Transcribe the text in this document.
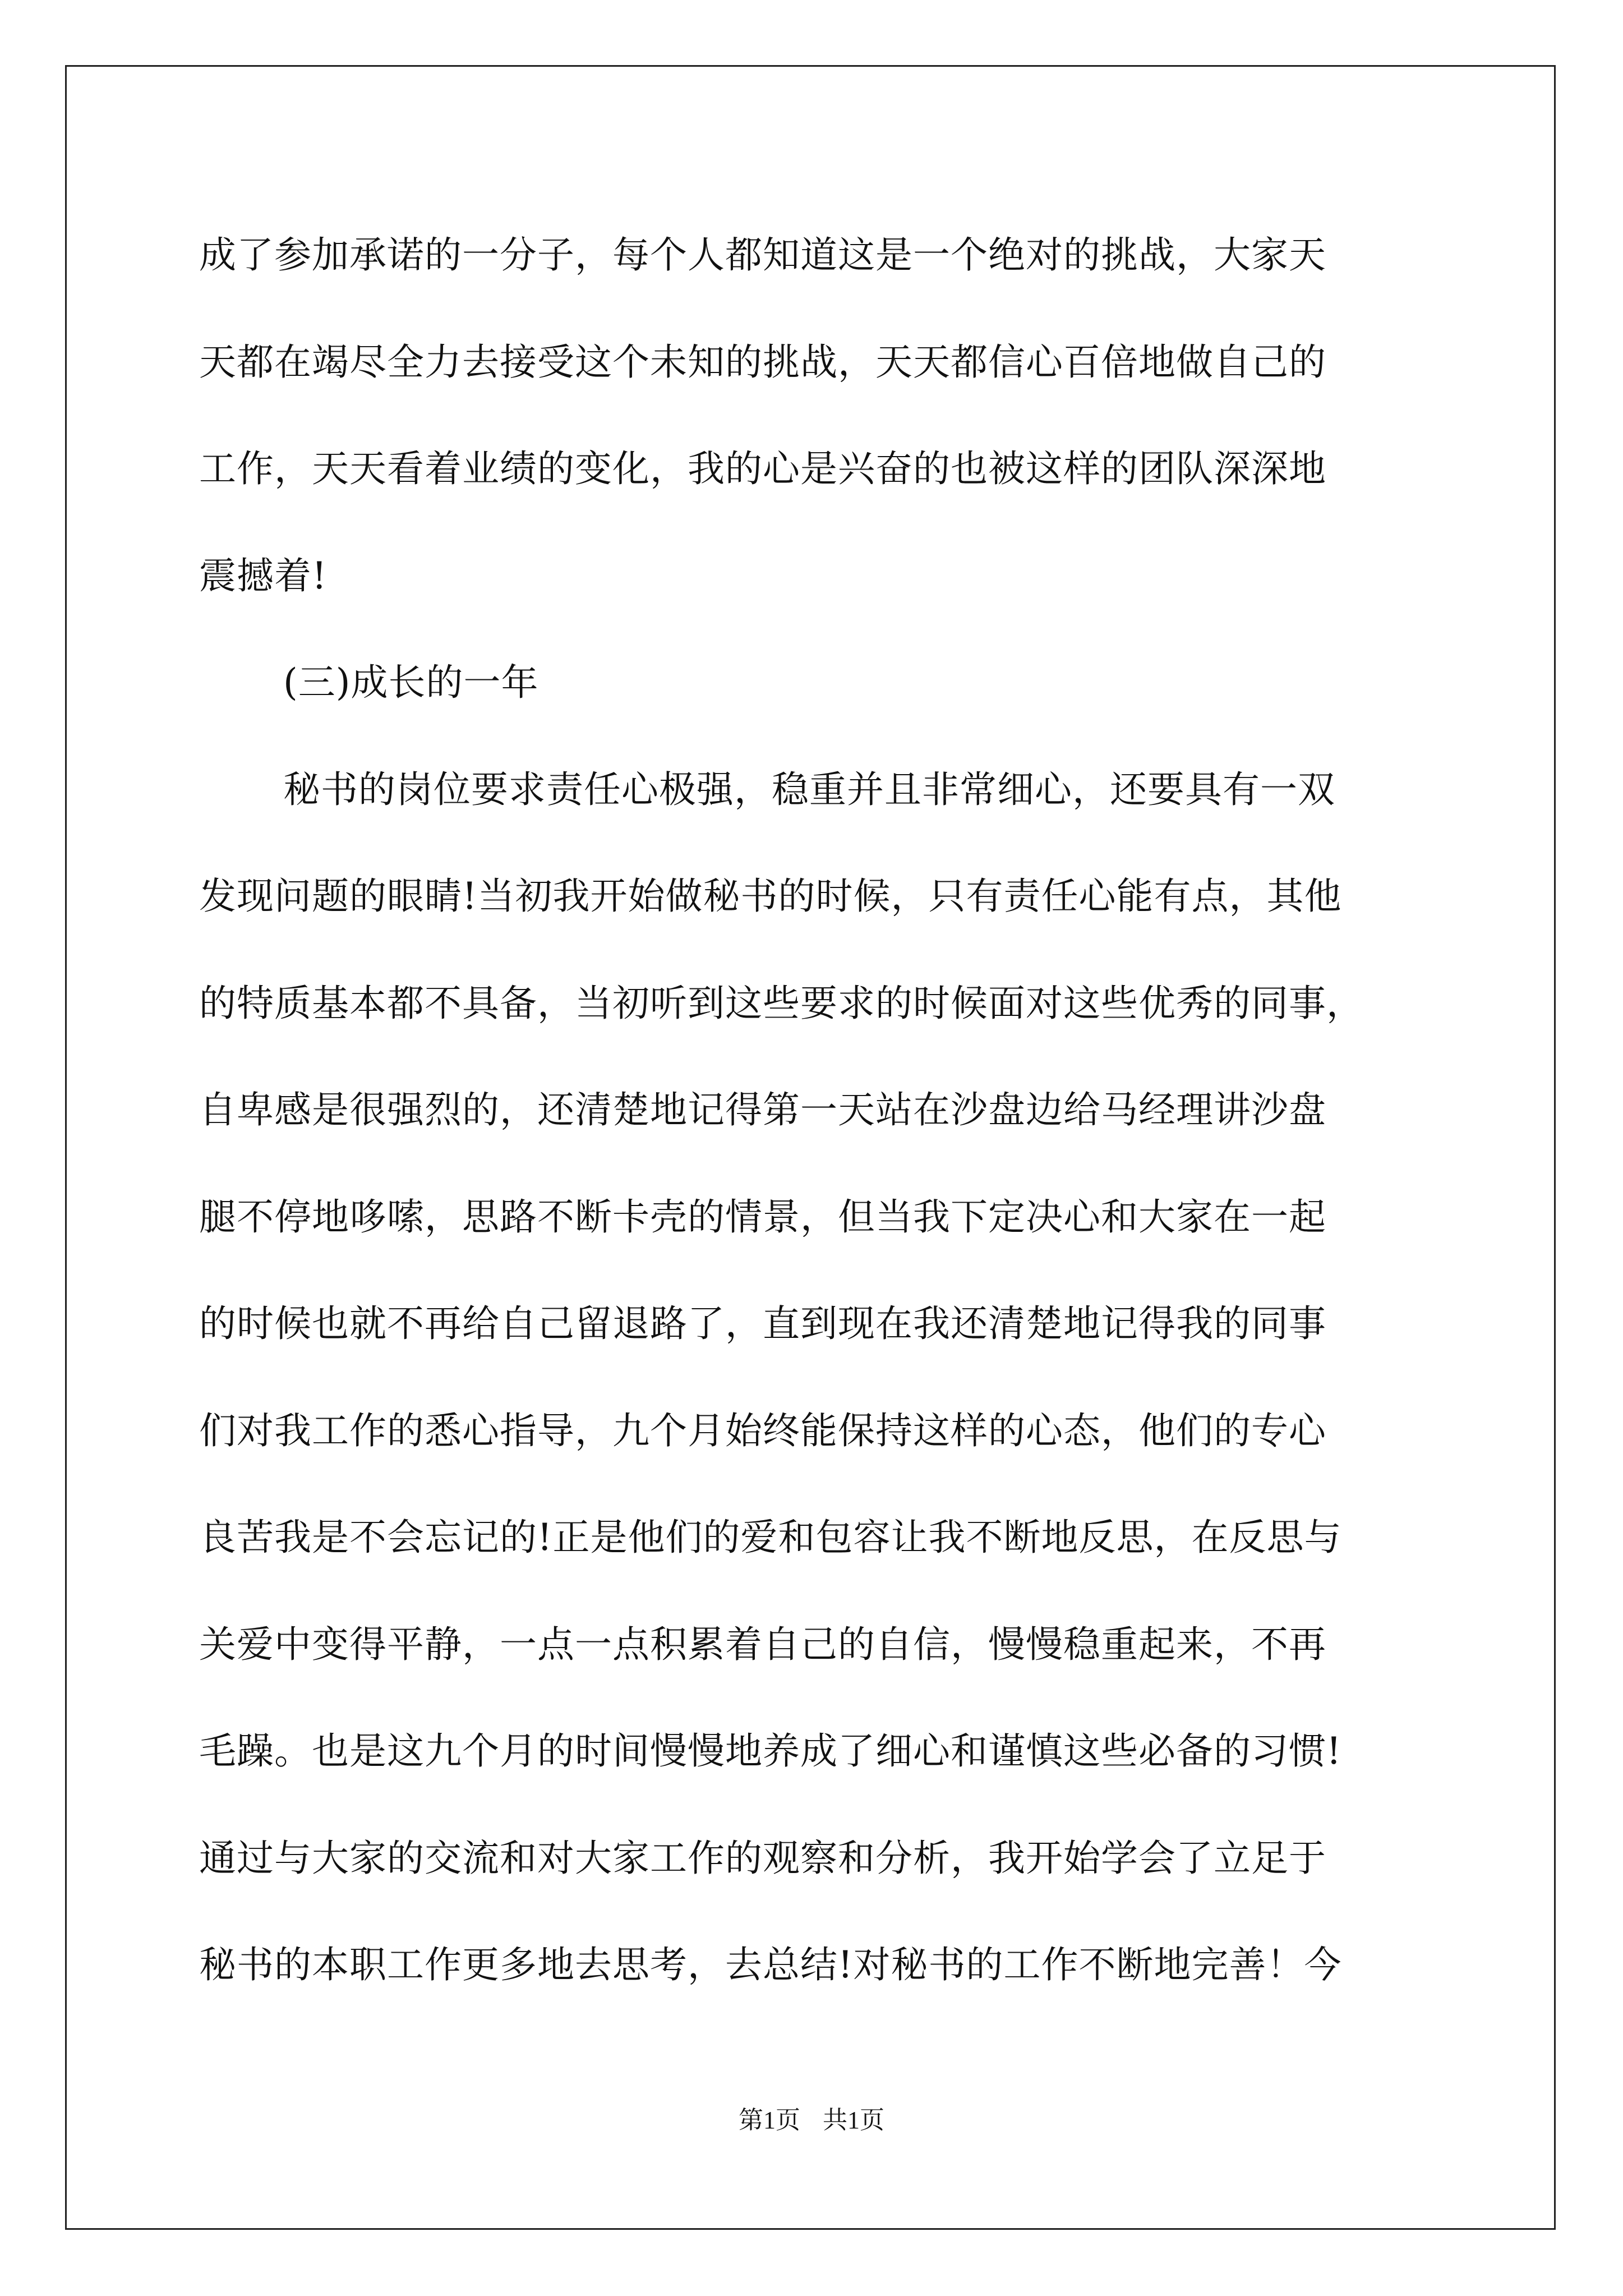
成了参加承诺的一分子，每个人都知道这是一个绝对的挑战，大家天
天都在竭尽全力去接受这个未知的挑战，天天都信心百倍地做自己的
工作，天天看着业绩的变化，我的心是兴奋的也被这样的团队深深地
震撼着!
(三)成长的一年
秘书的岗位要求责任心极强，稳重并且非常细心，还要具有一双
发现问题的眼睛!当初我开始做秘书的时候，只有责任心能有点，其他
的特质基本都不具备，当初听到这些要求的时候面对这些优秀的同事，
自卑感是很强烈的，还清楚地记得第一天站在沙盘边给马经理讲沙盘
腿不停地哆嗦，思路不断卡壳的情景，但当我下定决心和大家在一起
的时候也就不再给自己留退路了，直到现在我还清楚地记得我的同事
们对我工作的悉心指导，九个月始终能保持这样的心态，他们的专心
良苦我是不会忘记的!正是他们的爱和包容让我不断地反思，在反思与
关爱中变得平静，一点一点积累着自己的自信，慢慢稳重起来，不再
毛躁。也是这九个月的时间慢慢地养成了细心和谨慎这些必备的习惯!
通过与大家的交流和对大家工作的观察和分析，我开始学会了立足于
秘书的本职工作更多地去思考，去总结!对秘书的工作不断地完善！今
第1页 共1页
